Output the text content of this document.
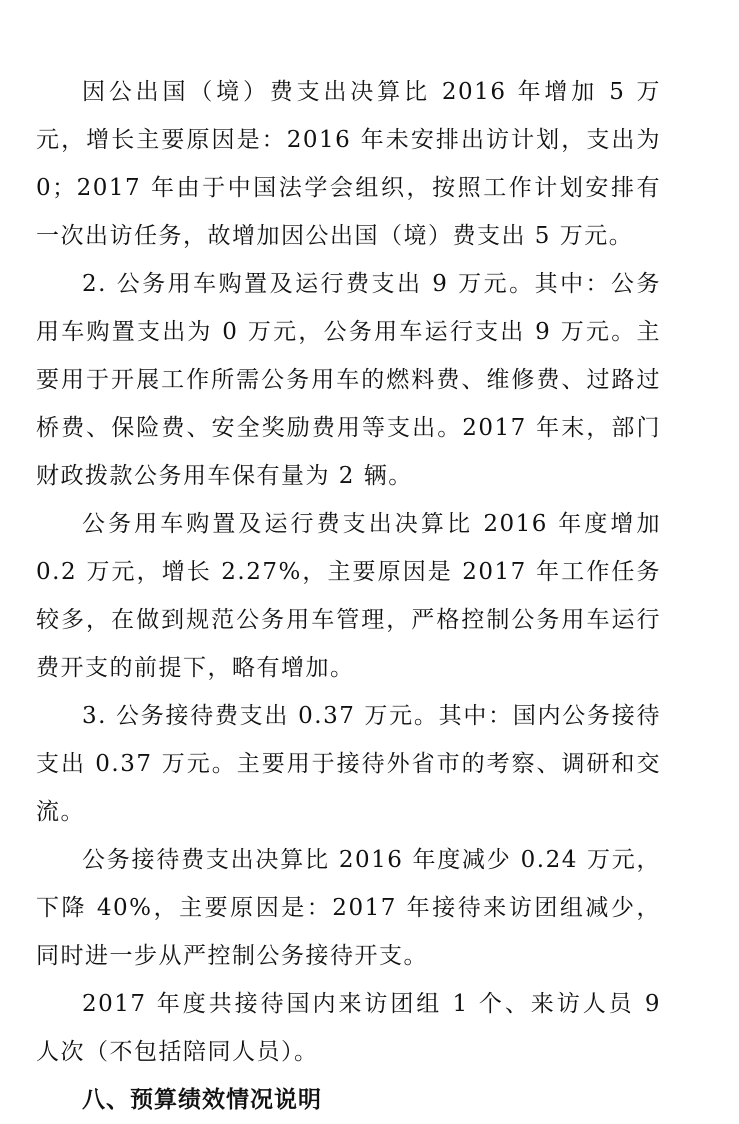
因公出国（境）费支出决算比 2016 年增加 5 万元，增长主要原因是：2016 年未安排出访计划，支出为 0；2017 年由于中国法学会组织，按照工作计划安排有一次出访任务，故增加因公出国（境）费支出 5 万元。

2. 公务用车购置及运行费支出 9 万元。其中：公务用车购置支出为 0 万元，公务用车运行支出 9 万元。主要用于开展工作所需公务用车的燃料费、维修费、过路过桥费、保险费、安全奖励费用等支出。2017 年末，部门财政拨款公务用车保有量为 2 辆。

公务用车购置及运行费支出决算比 2016 年度增加 0.2 万元，增长 2.27%，主要原因是 2017 年工作任务较多，在做到规范公务用车管理，严格控制公务用车运行费开支的前提下，略有增加。

3. 公务接待费支出 0.37 万元。其中：国内公务接待支出 0.37 万元。主要用于接待外省市的考察、调研和交流。

公务接待费支出决算比 2016 年度减少 0.24 万元，下降 40%，主要原因是：2017 年接待来访团组减少，同时进一步从严控制公务接待开支。

2017 年度共接待国内来访团组 1 个、来访人员 9 人次（不包括陪同人员）。

八、预算绩效情况说明
